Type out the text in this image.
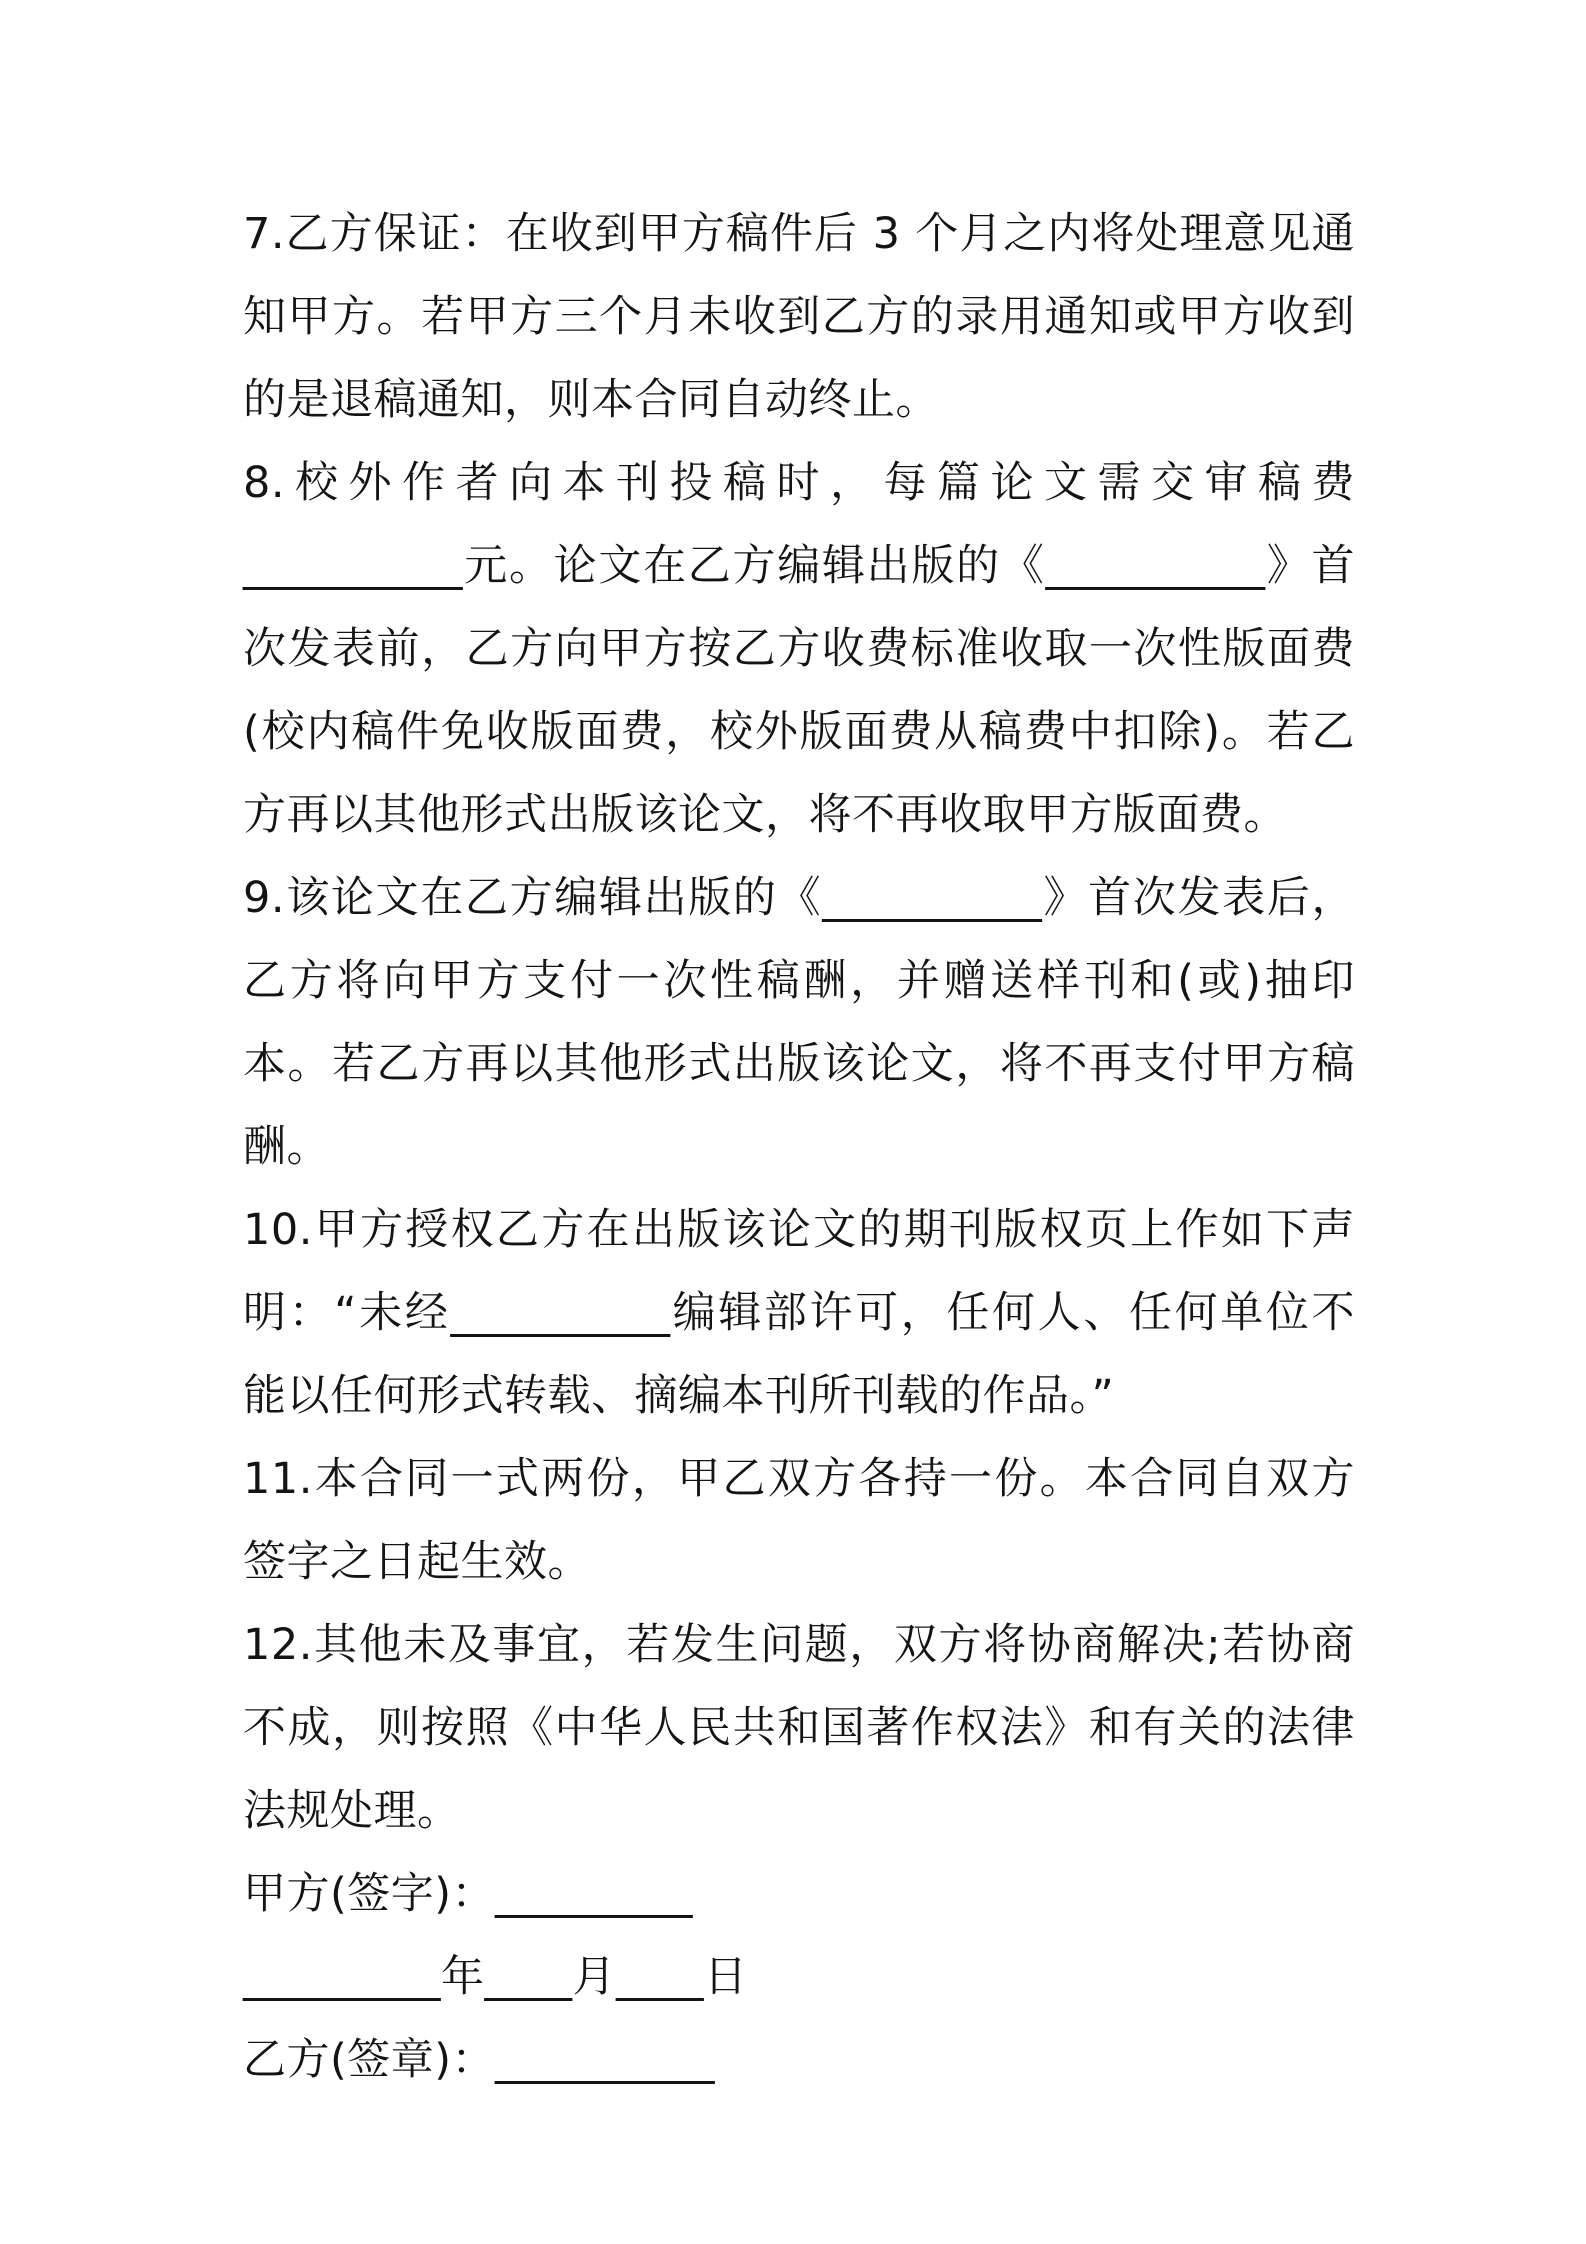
7.乙方保证：在收到甲方稿件后 3 个月之内将处理意见通知甲方。若甲方三个月未收到乙方的录用通知或甲方收到的是退稿通知，则本合同自动终止。

8.校外作者向本刊投稿时，每篇论文需交审稿费__________元。论文在乙方编辑出版的《__________》首次发表前，乙方向甲方按乙方收费标准收取一次性版面费(校内稿件免收版面费，校外版面费从稿费中扣除)。若乙方再以其他形式出版该论文，将不再收取甲方版面费。

9.该论文在乙方编辑出版的《__________》首次发表后，乙方将向甲方支付一次性稿酬，并赠送样刊和(或)抽印本。若乙方再以其他形式出版该论文，将不再支付甲方稿酬。

10.甲方授权乙方在出版该论文的期刊版权页上作如下声明：“未经__________编辑部许可，任何人、任何单位不能以任何形式转载、摘编本刊所刊载的作品。”

11.本合同一式两份，甲乙双方各持一份。本合同自双方签字之日起生效。

12.其他未及事宜，若发生问题，双方将协商解决;若协商不成，则按照《中华人民共和国著作权法》和有关的法律法规处理。

甲方(签字)：_________

_________年____月____日

乙方(签章)：__________
